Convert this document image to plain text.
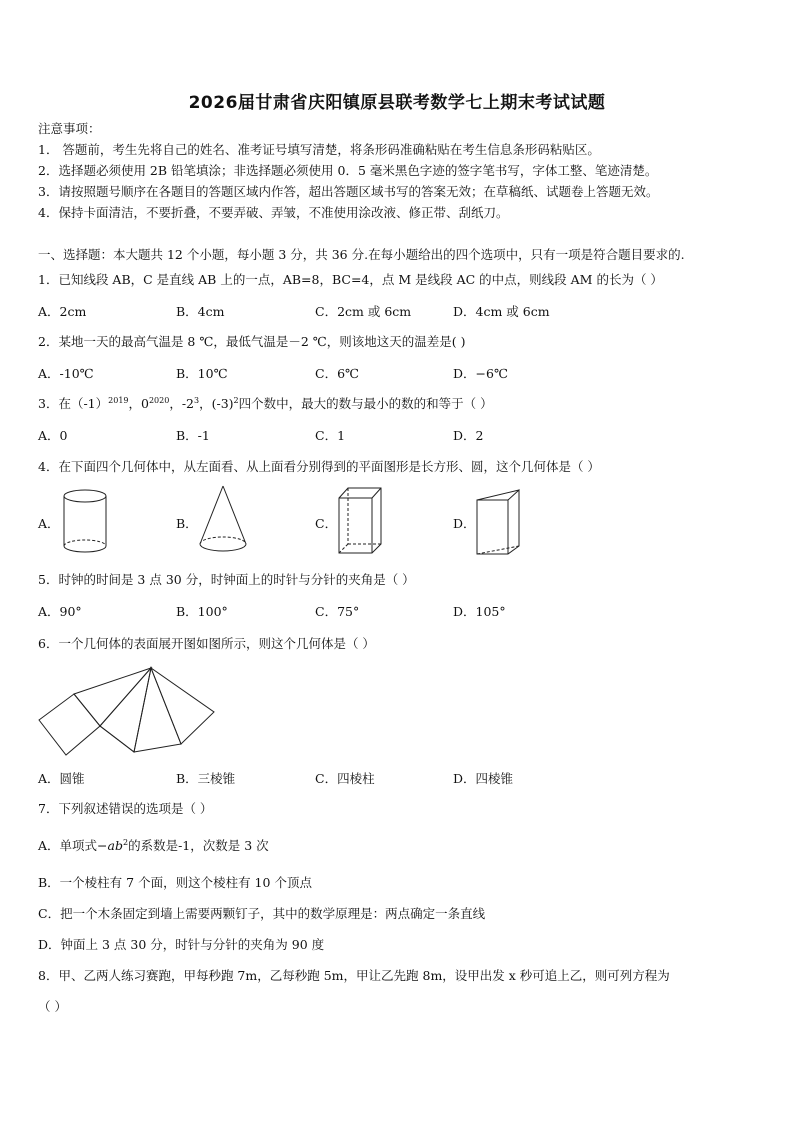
2026届甘肃省庆阳镇原县联考数学七上期末考试试题
注意事项：
1． 答题前，考生先将自己的姓名、准考证号填写清楚，将条形码准确粘贴在考生信息条形码粘贴区。
2．选择题必须使用 2B 铅笔填涂；非选择题必须使用 0．5 毫米黑色字迹的签字笔书写，字体工整、笔迹清楚。
3．请按照题号顺序在各题目的答题区域内作答，超出答题区域书写的答案无效；在草稿纸、试题卷上答题无效。
4．保持卡面清洁，不要折叠，不要弄破、弄皱，不准使用涂改液、修正带、刮纸刀。
一、选择题：本大题共 12 个小题，每小题 3 分，共 36 分.在每小题给出的四个选项中，只有一项是符合题目要求的.
1．已知线段 AB，C 是直线 AB 上的一点，AB=8，BC=4，点 M 是线段 AC 的中点，则线段 AM 的长为（ ）
A．2cm	B．4cm	C．2cm 或 6cm	D．4cm 或 6cm
2．某地一天的最高气温是 8 ℃，最低气温是－2 ℃，则该地这天的温差是( )
A．-10℃	B．10℃	C．6℃	D．−6℃
3．在$(-1)^{2019}$，$0^{2020}$，$-2^3$，$(-3)^2$四个数中，最大的数与最小的数的和等于（ ）
A．0	B．-1	C．1	D．2
4．在下面四个几何体中，从左面看、从上面看分别得到的平面图形是长方形、圆，这个几何体是（ ）
A．	B．	C．	D．
5．时钟的时间是 3 点 30 分，时钟面上的时针与分针的夹角是（ ）
A．90°	B．100°	C．75°	D．105°
6．一个几何体的表面展开图如图所示，则这个几何体是（ ）
A．圆锥	B．三棱锥	C．四棱柱	D．四棱锥
7．下列叙述错误的选项是（ ）
A．单项式$-ab^2$的系数是-1，次数是 3 次
B．一个棱柱有 7 个面，则这个棱柱有 10 个顶点
C．把一个木条固定到墙上需要两颗钉子，其中的数学原理是：两点确定一条直线
D．钟面上 3 点 30 分，时针与分针的夹角为 90 度
8．甲、乙两人练习赛跑，甲每秒跑 7m，乙每秒跑 5m，甲让乙先跑 8m，设甲出发 x 秒可追上乙，则可列方程为
（ ）
